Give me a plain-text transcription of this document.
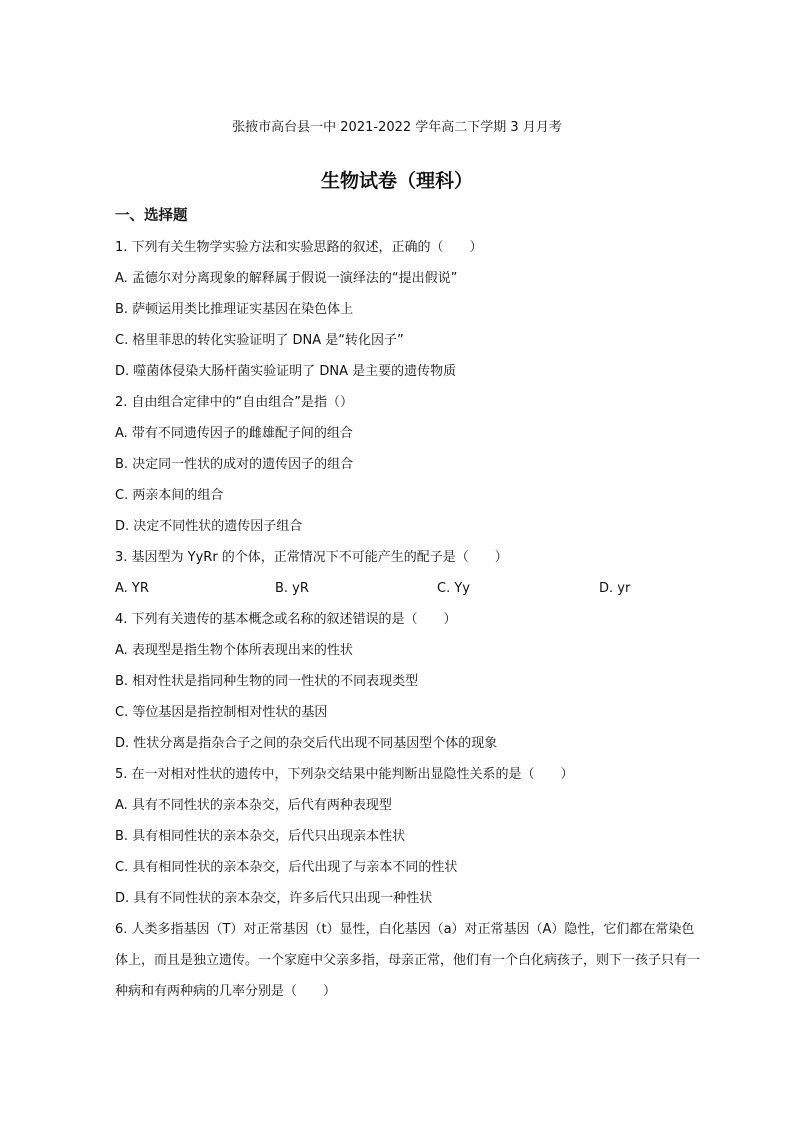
张掖市高台县一中 2021-2022 学年高二下学期 3 月月考
生物试卷（理科）
一、选择题
1. 下列有关生物学实验方法和实验思路的叙述，正确的（　　）
A. 孟德尔对分离现象的解释属于假说一演绎法的“提出假说”
B. 萨顿运用类比推理证实基因在染色体上
C. 格里菲思的转化实验证明了 DNA 是“转化因子”
D. 噬菌体侵染大肠杆菌实验证明了 DNA 是主要的遗传物质
2. 自由组合定律中的“自由组合”是指（）
A. 带有不同遗传因子的雌雄配子间的组合
B. 决定同一性状的成对的遗传因子的组合
C. 两亲本间的组合
D. 决定不同性状的遗传因子组合
3. 基因型为 YyRr 的个体，正常情况下不可能产生的配子是（　　）
A. YR	B. yR	C. Yy	D. yr
4. 下列有关遗传的基本概念或名称的叙述错误的是（　　）
A. 表现型是指生物个体所表现出来的性状
B. 相对性状是指同种生物的同一性状的不同表现类型
C. 等位基因是指控制相对性状的基因
D. 性状分离是指杂合子之间的杂交后代出现不同基因型个体的现象
5. 在一对相对性状的遗传中，下列杂交结果中能判断出显隐性关系的是（　　）
A. 具有不同性状的亲本杂交，后代有两种表现型
B. 具有相同性状的亲本杂交，后代只出现亲本性状
C. 具有相同性状的亲本杂交，后代出现了与亲本不同的性状
D. 具有不同性状的亲本杂交，许多后代只出现一种性状
6. 人类多指基因（T）对正常基因（t）显性，白化基因（a）对正常基因（A）隐性，它们都在常染色体上，而且是独立遗传。一个家庭中父亲多指，母亲正常，他们有一个白化病孩子，则下一孩子只有一种病和有两种病的几率分别是（　　）
